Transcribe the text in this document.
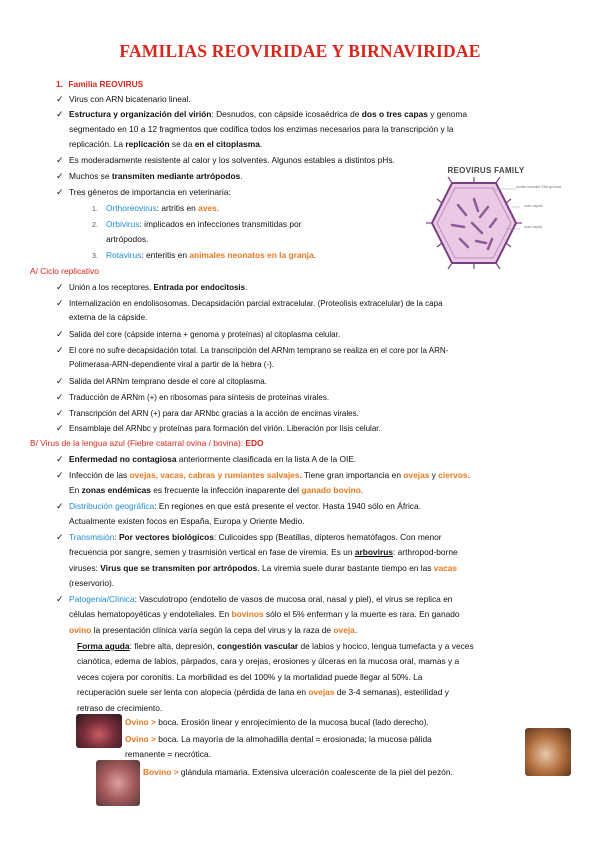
FAMILIAS REOVIRIDAE Y BIRNAVIRIDAE
1. Familia REOVIRUS
✓ Virus con ARN bicatenario lineal.
✓ Estructura y organización del virión: Desnudos, con cápside icosaédrica de dos o tres capas y genoma
segmentado en 10 a 12 fragmentos que codifica todos los enzimas necesarios para la transcripción y la
replicación. La replicación se da en el citoplasma.
✓ Es moderadamente resistente al calor y los solventes. Algunos estables a distintos pHs.
✓ Muchos se transmiten mediante artrópodos.
✓ Tres géneros de importancia en veterinaria:
1. Orthoreovirus: artritis en aves.
2. Orbivirus: implicados en infecciones transmitidas por
artrópodos.
3. Rotavirus: enteritis en animales neonatos en la granja.
REOVIRUS FAMILY
double stranded RNA genome
outer capsid
inner capsid
A/ Ciclo replicativo
✓ Unión a los receptores. Entrada por endocitosis.
✓ Internalización en endolisosomas. Decapsidación parcial extracelular. (Proteolisis extracelular) de la capa
externa de la cápside.
✓ Salida del core (cápside interna + genoma y proteínas) al citoplasma celular.
✓ El core no sufre decapsidación total. La transcripción del ARNm temprano se realiza en el core por la ARN-
Polimerasa-ARN-dependiente viral a partir de la hebra (-).
✓ Salida del ARNm temprano desde el core al citoplasma.
✓ Traducción de ARNm (+) en ribosomas para síntesis de proteínas virales.
✓ Transcripción del ARN (+) para dar ARNbc gracias a la acción de encimas virales.
✓ Ensamblaje del ARNbc y proteínas para formación del virión. Liberación por lisis celular.
B/ Virus de la lengua azul (Fiebre catarral ovina / bovina): EDO
✓ Enfermedad no contagiosa anteriormente clasificada en la lista A de la OIE.
✓ Infección de las ovejas, vacas, cabras y rumiantes salvajes. Tiene gran importancia en ovejas y ciervos.
En zonas endémicas es frecuente la infección inaparente del ganado bovino.
✓ Distribución geográfica: En regiones en que está presente el vector. Hasta 1940 sólo en África.
Actualmente existen focos en España, Europa y Oriente Medio.
✓ Transmisión: Por vectores biológicos: Culicoides spp (Beatillas, dípteros hematófagos. Con menor
frecuencia por sangre, semen y trasmisión vertical en fase de viremia. Es un arbovirus: arthropod-borne
viruses: Virus que se transmiten por artrópodos. La viremia suele durar bastante tiempo en las vacas
(reservorio).
✓ Patogenia/Clínica: Vasculotropo (endotelio de vasos de mucosa oral, nasal y piel), el virus se replica en
células hematopoyéticas y endoteliales. En bovinos sólo el 5% enferman y la muerte es rara. En ganado
ovino la presentación clínica varía según la cepa del virus y la raza de oveja.
Forma aguda: fiebre alta, depresión, congestión vascular de labios y hocico, lengua tumefacta y a veces
cianótica, edema de labios, párpados, cara y orejas, erosiones y úlceras en la mucosa oral, mamas y a
veces cojera por coronitis. La morbilidad es del 100% y la mortalidad puede llegar al 50%. La
recuperación suele ser lenta con alopecia (pérdida de lana en ovejas de 3-4 semanas), esterilidad y
retraso de crecimiento.
Ovino > boca. Erosión linear y enrojecimiento de la mucosa bucal (lado derecho).
Ovino > boca. La mayoría de la almohadilla dental = erosionada; la mucosa pálida
remanente = necrótica.
Bovino > glándula mamaria. Extensiva ulceración coalescente de la piel del pezón.
